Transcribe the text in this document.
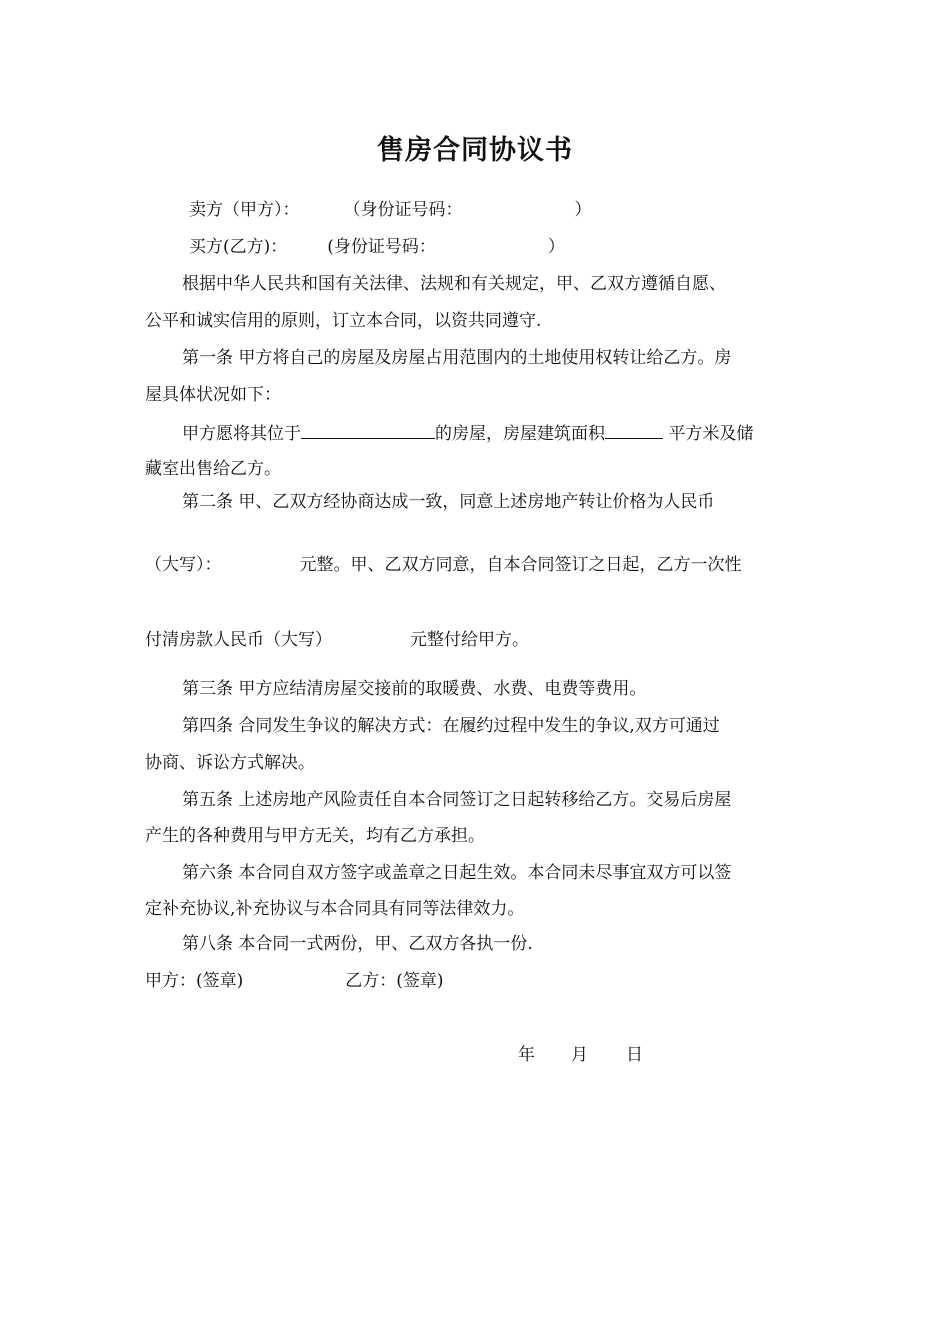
售房合同协议书
卖方（甲方）：	（身份证号码：	）
买方(乙方)： (身份证号码：	）
根据中华人民共和国有关法律、法规和有关规定，甲、乙双方遵循自愿、
公平和诚实信用的原则，订立本合同，以资共同遵守.
第一条 甲方将自己的房屋及房屋占用范围内的土地使用权转让给乙方。房
屋具体状况如下：
甲方愿将其位于	的房屋，房屋建筑面积	平方米及储
藏室出售给乙方。
第二条 甲、乙双方经协商达成一致，同意上述房地产转让价格为人民币
（大写）：	元整。甲、乙双方同意，自本合同签订之日起，乙方一次性
付清房款人民币（大写）	元整付给甲方。
第三条 甲方应结清房屋交接前的取暖费、水费、电费等费用。
第四条 合同发生争议的解决方式：在履约过程中发生的争议,双方可通过
协商、诉讼方式解决。
第五条 上述房地产风险责任自本合同签订之日起转移给乙方。交易后房屋
产生的各种费用与甲方无关，均有乙方承担。
第六条 本合同自双方签字或盖章之日起生效。本合同未尽事宜双方可以签
定补充协议,补充协议与本合同具有同等法律效力。
第八条 本合同一式两份，甲、乙双方各执一份.
甲方：(签章)	乙方：(签章)
年 月 日
